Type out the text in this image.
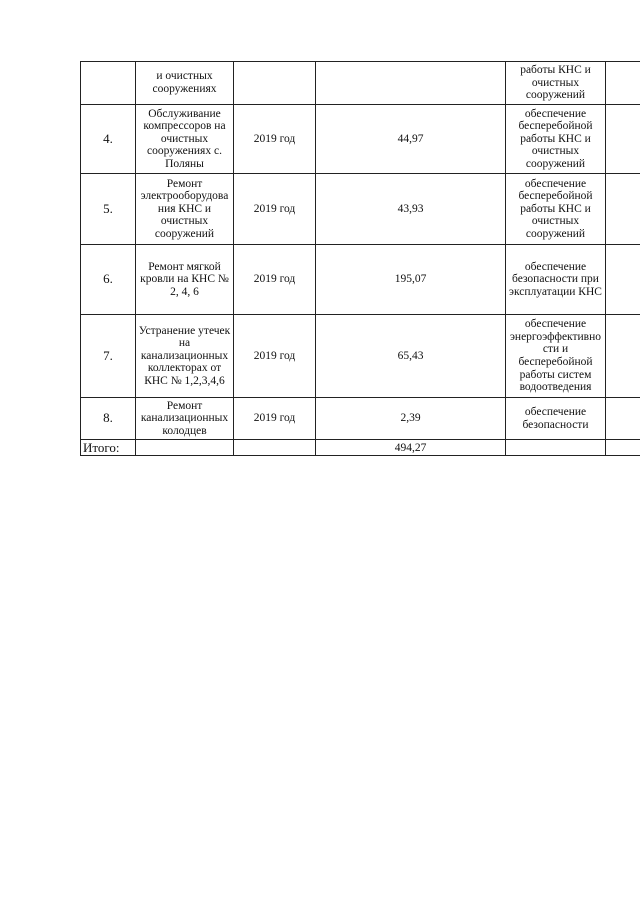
	и очистных сооружениях			работы КНС и очистных сооружений		
4.	Обслуживание компрессоров на очистных сооружениях с. Поляны	2019 год	44,97	обеспечение бесперебойной работы КНС и очистных сооружений		
5.	Ремонт электрооборудования КНС и очистных сооружений	2019 год	43,93	обеспечение бесперебойной работы КНС и очистных сооружений		
6.	Ремонт мягкой кровли на КНС № 2, 4, 6	2019 год	195,07	обеспечение безопасности при эксплуатации КНС		
7.	Устранение утечек на канализационных коллекторах от КНС № 1,2,3,4,6	2019 год	65,43	обеспечение энергоэффективности и бесперебойной работы систем водоотведения		
8.	Ремонт канализационных колодцев	2019 год	2,39	обеспечение безопасности		
Итого:			494,27			
